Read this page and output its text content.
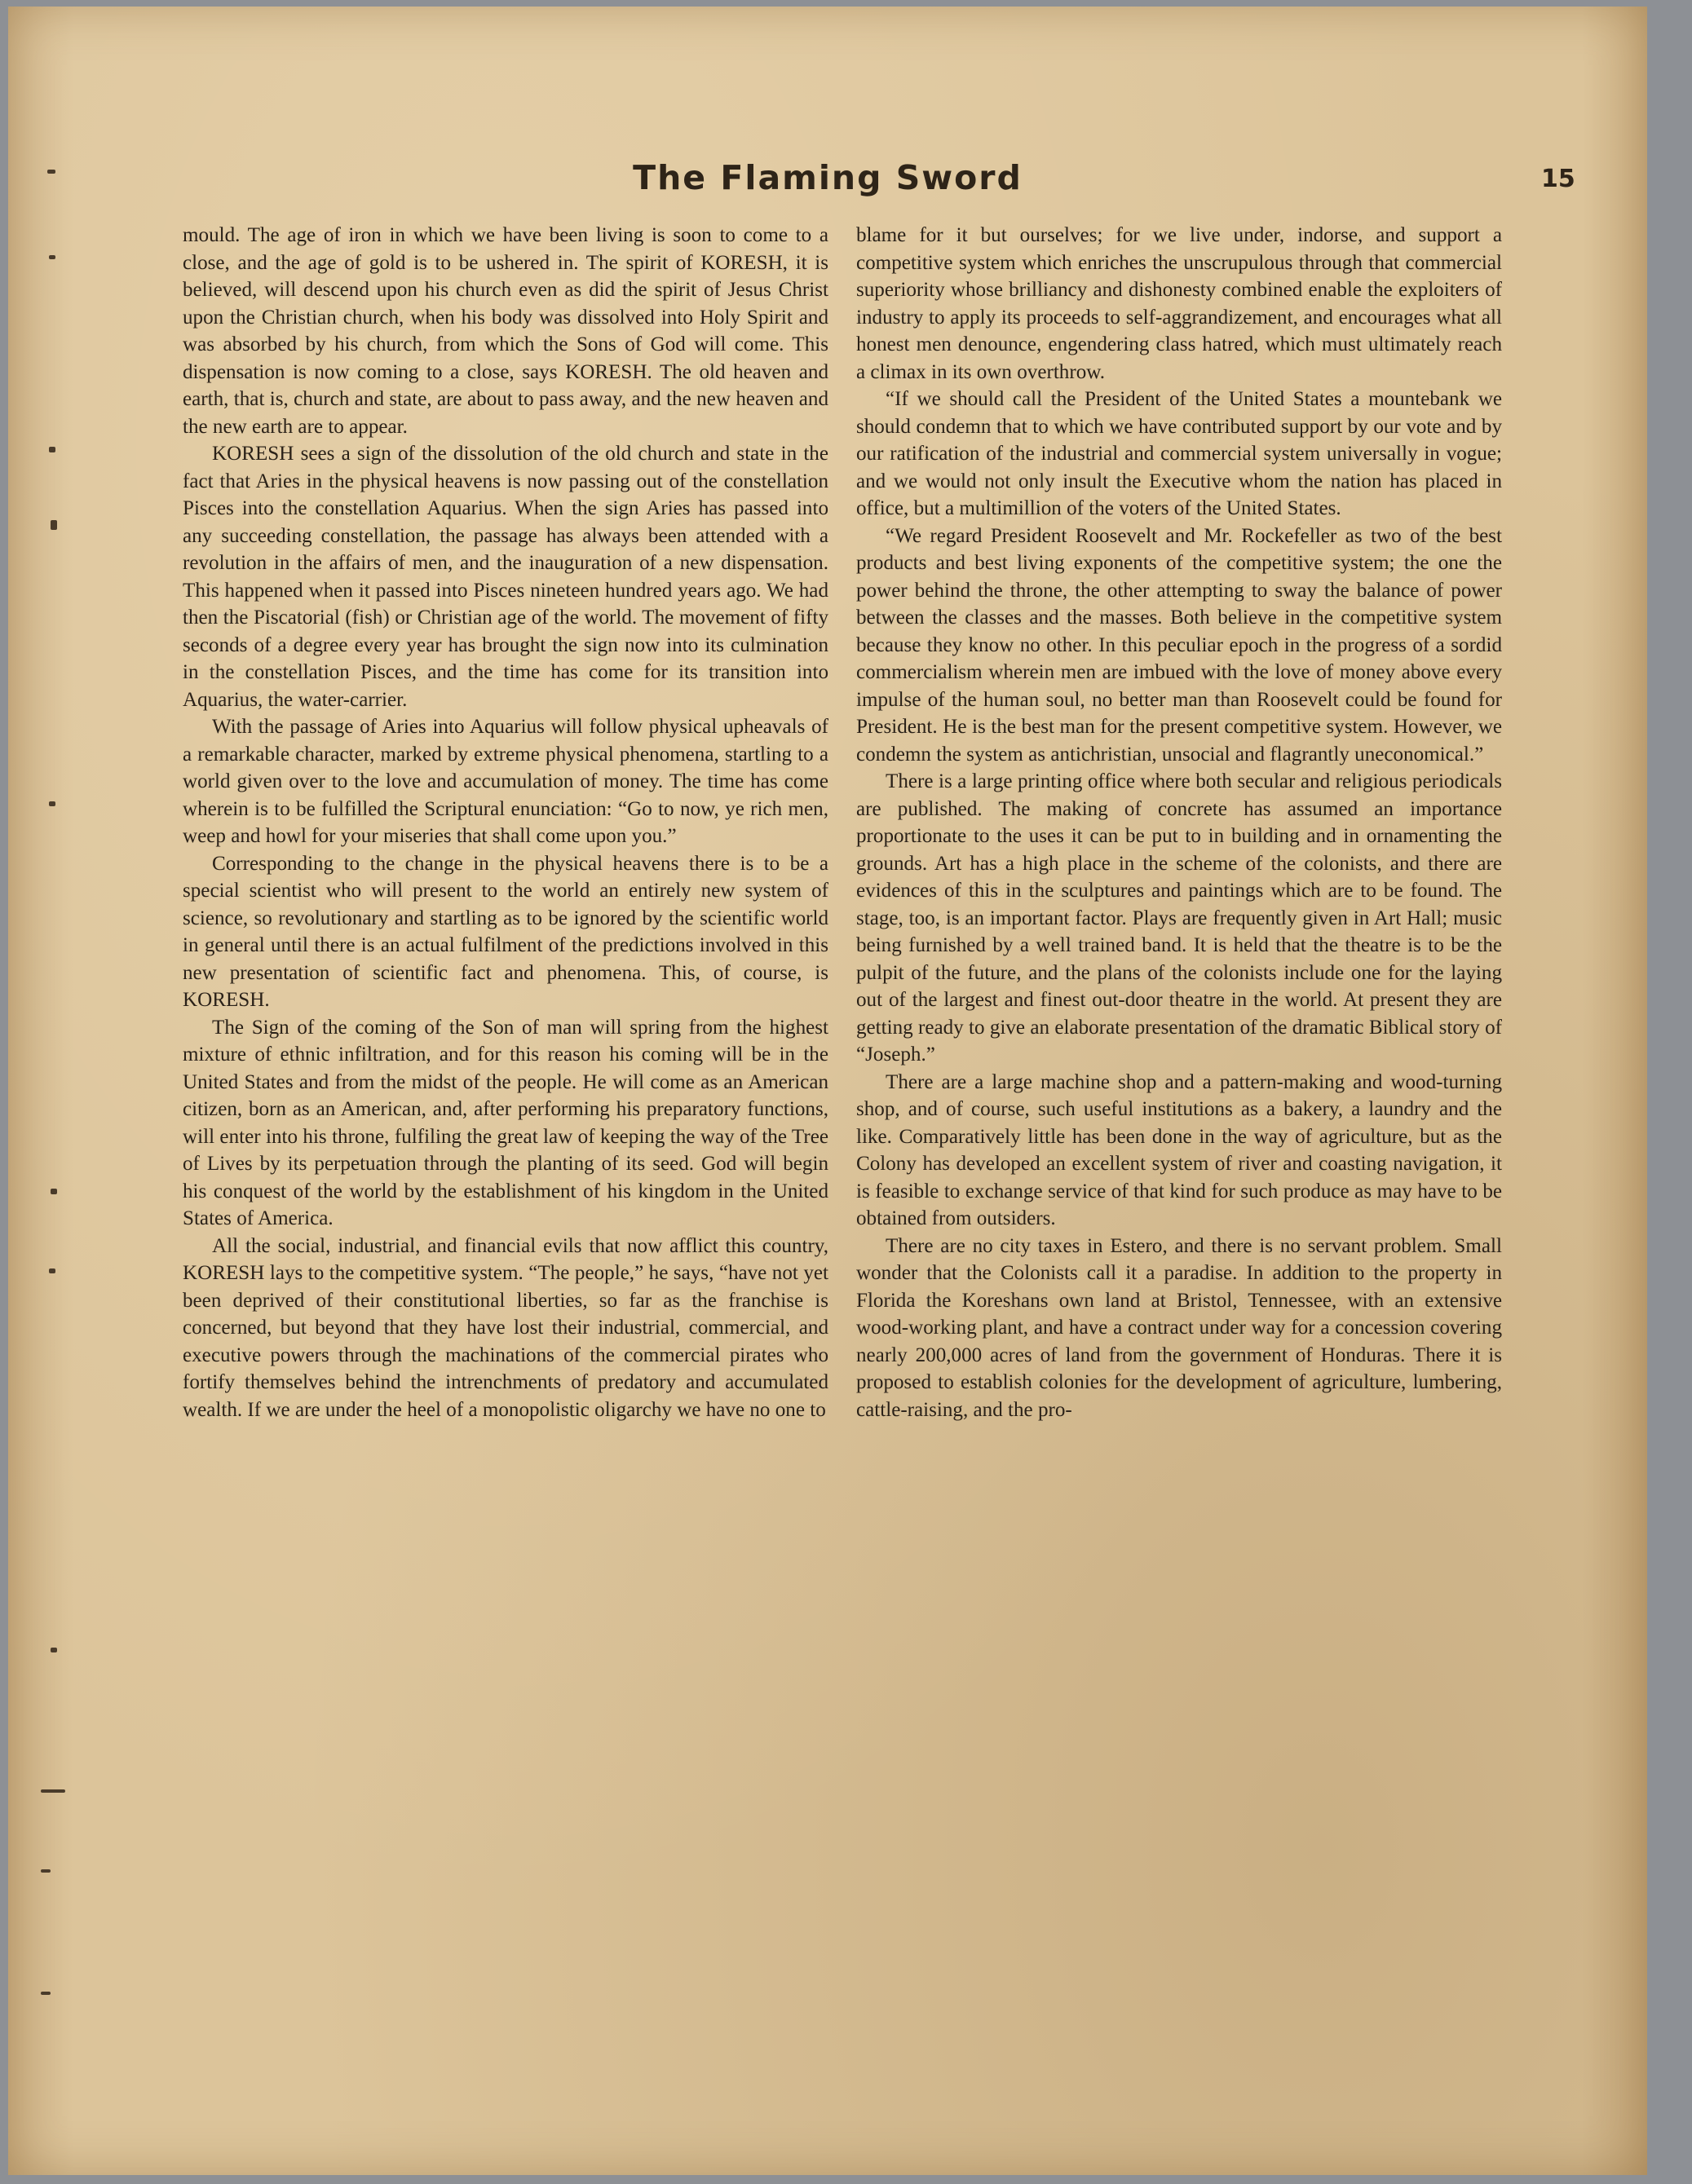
The Flaming Sword	15

mould. The age of iron in which we have been living is soon to come to a close, and the age of gold is to be ushered in. The spirit of KORESH, it is believed, will descend upon his church even as did the spirit of Jesus Christ upon the Christian church, when his body was dissolved into Holy Spirit and was absorbed by his church, from which the Sons of God will come. This dispensation is now coming to a close, says KORESH. The old heaven and earth, that is, church and state, are about to pass away, and the new heaven and the new earth are to appear.

KORESH sees a sign of the dissolution of the old church and state in the fact that Aries in the physical heavens is now passing out of the constellation Pisces into the constellation Aquarius. When the sign Aries has passed into any succeeding constellation, the passage has always been attended with a revolution in the affairs of men, and the inauguration of a new dispensation. This happened when it passed into Pisces nineteen hundred years ago. We had then the Piscatorial (fish) or Christian age of the world. The movement of fifty seconds of a degree every year has brought the sign now into its culmination in the constellation Pisces, and the time has come for its transition into Aquarius, the water-carrier.

With the passage of Aries into Aquarius will follow physical upheavals of a remarkable character, marked by extreme physical phenomena, startling to a world given over to the love and accumulation of money. The time has come wherein is to be fulfilled the Scriptural enunciation: “Go to now, ye rich men, weep and howl for your miseries that shall come upon you.”

Corresponding to the change in the physical heavens there is to be a special scientist who will present to the world an entirely new system of science, so revolutionary and startling as to be ignored by the scientific world in general until there is an actual fulfilment of the predictions involved in this new presentation of scientific fact and phenomena. This, of course, is KORESH.

The Sign of the coming of the Son of man will spring from the highest mixture of ethnic infiltration, and for this reason his coming will be in the United States and from the midst of the people. He will come as an American citizen, born as an American, and, after performing his preparatory functions, will enter into his throne, fulfiling the great law of keeping the way of the Tree of Lives by its perpetuation through the planting of its seed. God will begin his conquest of the world by the establishment of his kingdom in the United States of America.

All the social, industrial, and financial evils that now afflict this country, KORESH lays to the competitive system. “The people,” he says, “have not yet been deprived of their constitutional liberties, so far as the franchise is concerned, but beyond that they have lost their industrial, commercial, and executive powers through the machinations of the commercial pirates who fortify themselves behind the intrenchments of predatory and accumulated wealth. If we are under the heel of a monopolistic oligarchy we have no one to

blame for it but ourselves; for we live under, indorse, and support a competitive system which enriches the unscrupulous through that commercial superiority whose brilliancy and dishonesty combined enable the exploiters of industry to apply its proceeds to self-aggrandizement, and encourages what all honest men denounce, engendering class hatred, which must ultimately reach a climax in its own overthrow.

“If we should call the President of the United States a mountebank we should condemn that to which we have contributed support by our vote and by our ratification of the industrial and commercial system universally in vogue; and we would not only insult the Executive whom the nation has placed in office, but a multimillion of the voters of the United States.

“We regard President Roosevelt and Mr. Rockefeller as two of the best products and best living exponents of the competitive system; the one the power behind the throne, the other attempting to sway the balance of power between the classes and the masses. Both believe in the competitive system because they know no other. In this peculiar epoch in the progress of a sordid commercialism wherein men are imbued with the love of money above every impulse of the human soul, no better man than Roosevelt could be found for President. He is the best man for the present competitive system. However, we condemn the system as antichristian, unsocial and flagrantly uneconomical.”

There is a large printing office where both secular and religious periodicals are published. The making of concrete has assumed an importance proportionate to the uses it can be put to in building and in ornamenting the grounds. Art has a high place in the scheme of the colonists, and there are evidences of this in the sculptures and paintings which are to be found. The stage, too, is an important factor. Plays are frequently given in Art Hall; music being furnished by a well trained band. It is held that the theatre is to be the pulpit of the future, and the plans of the colonists include one for the laying out of the largest and finest out-door theatre in the world. At present they are getting ready to give an elaborate presentation of the dramatic Biblical story of “Joseph.”

There are a large machine shop and a pattern-making and wood-turning shop, and of course, such useful institutions as a bakery, a laundry and the like. Comparatively little has been done in the way of agriculture, but as the Colony has developed an excellent system of river and coasting navigation, it is feasible to exchange service of that kind for such produce as may have to be obtained from outsiders.

There are no city taxes in Estero, and there is no servant problem. Small wonder that the Colonists call it a paradise. In addition to the property in Florida the Koreshans own land at Bristol, Tennessee, with an extensive wood-working plant, and have a contract under way for a concession covering nearly 200,000 acres of land from the government of Honduras. There it is proposed to establish colonies for the development of agriculture, lumbering, cattle-raising, and the pro-
